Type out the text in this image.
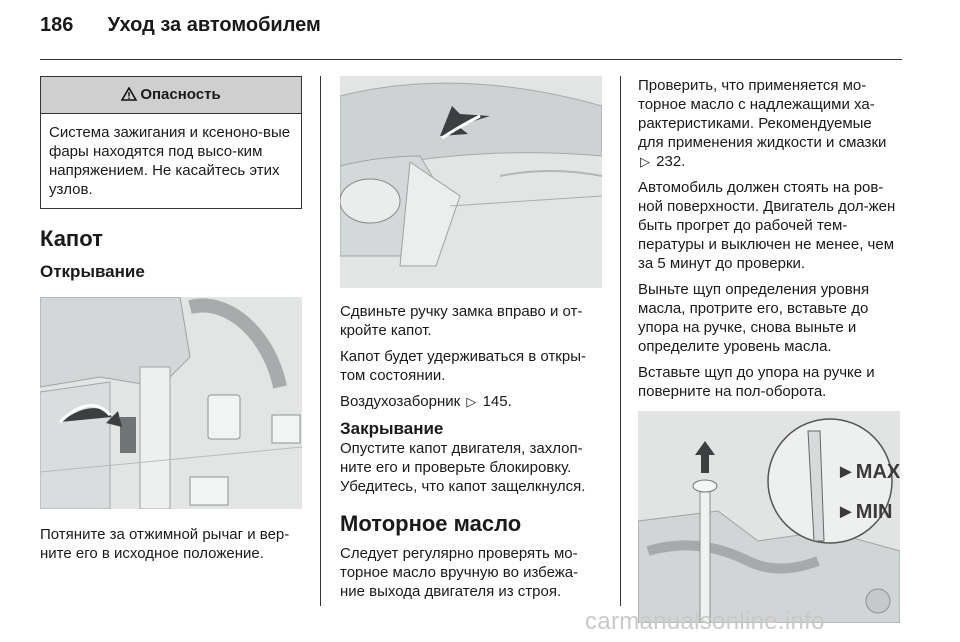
186 Уход за автомобилем
Опасность
Система зажигания и ксеноно-вые фары находятся под высо-ким напряжением. Не касайтесь этих узлов.
Капот
Открывание

Потяните за отжимной рычаг и вер-ните его в исходное положение.

Сдвиньте ручку замка вправо и от-кройте капот.

Капот будет удерживаться в откры-том состоянии.

Воздухозаборник ▷ 145.

Закрывание

Опустите капот двигателя, захлоп-ните его и проверьте блокировку. Убедитесь, что капот защелкнулся.

Моторное масло

Следует регулярно проверять мо-торное масло вручную во избежа-ние выхода двигателя из строя.

Проверить, что применяется мо-торное масло с надлежащими ха-рактеристиками. Рекомендуемые для применения жидкости и смазки ▷ 232.

Автомобиль должен стоять на ров-ной поверхности. Двигатель дол-жен быть прогрет до рабочей тем-пературы и выключен не менее, чем за 5 минут до проверки.

Выньте щуп определения уровня масла, протрите его, вставьте до упора на ручке, снова выньте и определите уровень масла.

Вставьте щуп до упора на ручке и поверните на пол-оборота.

►MAX
►MIN
carmanualsonline.info
